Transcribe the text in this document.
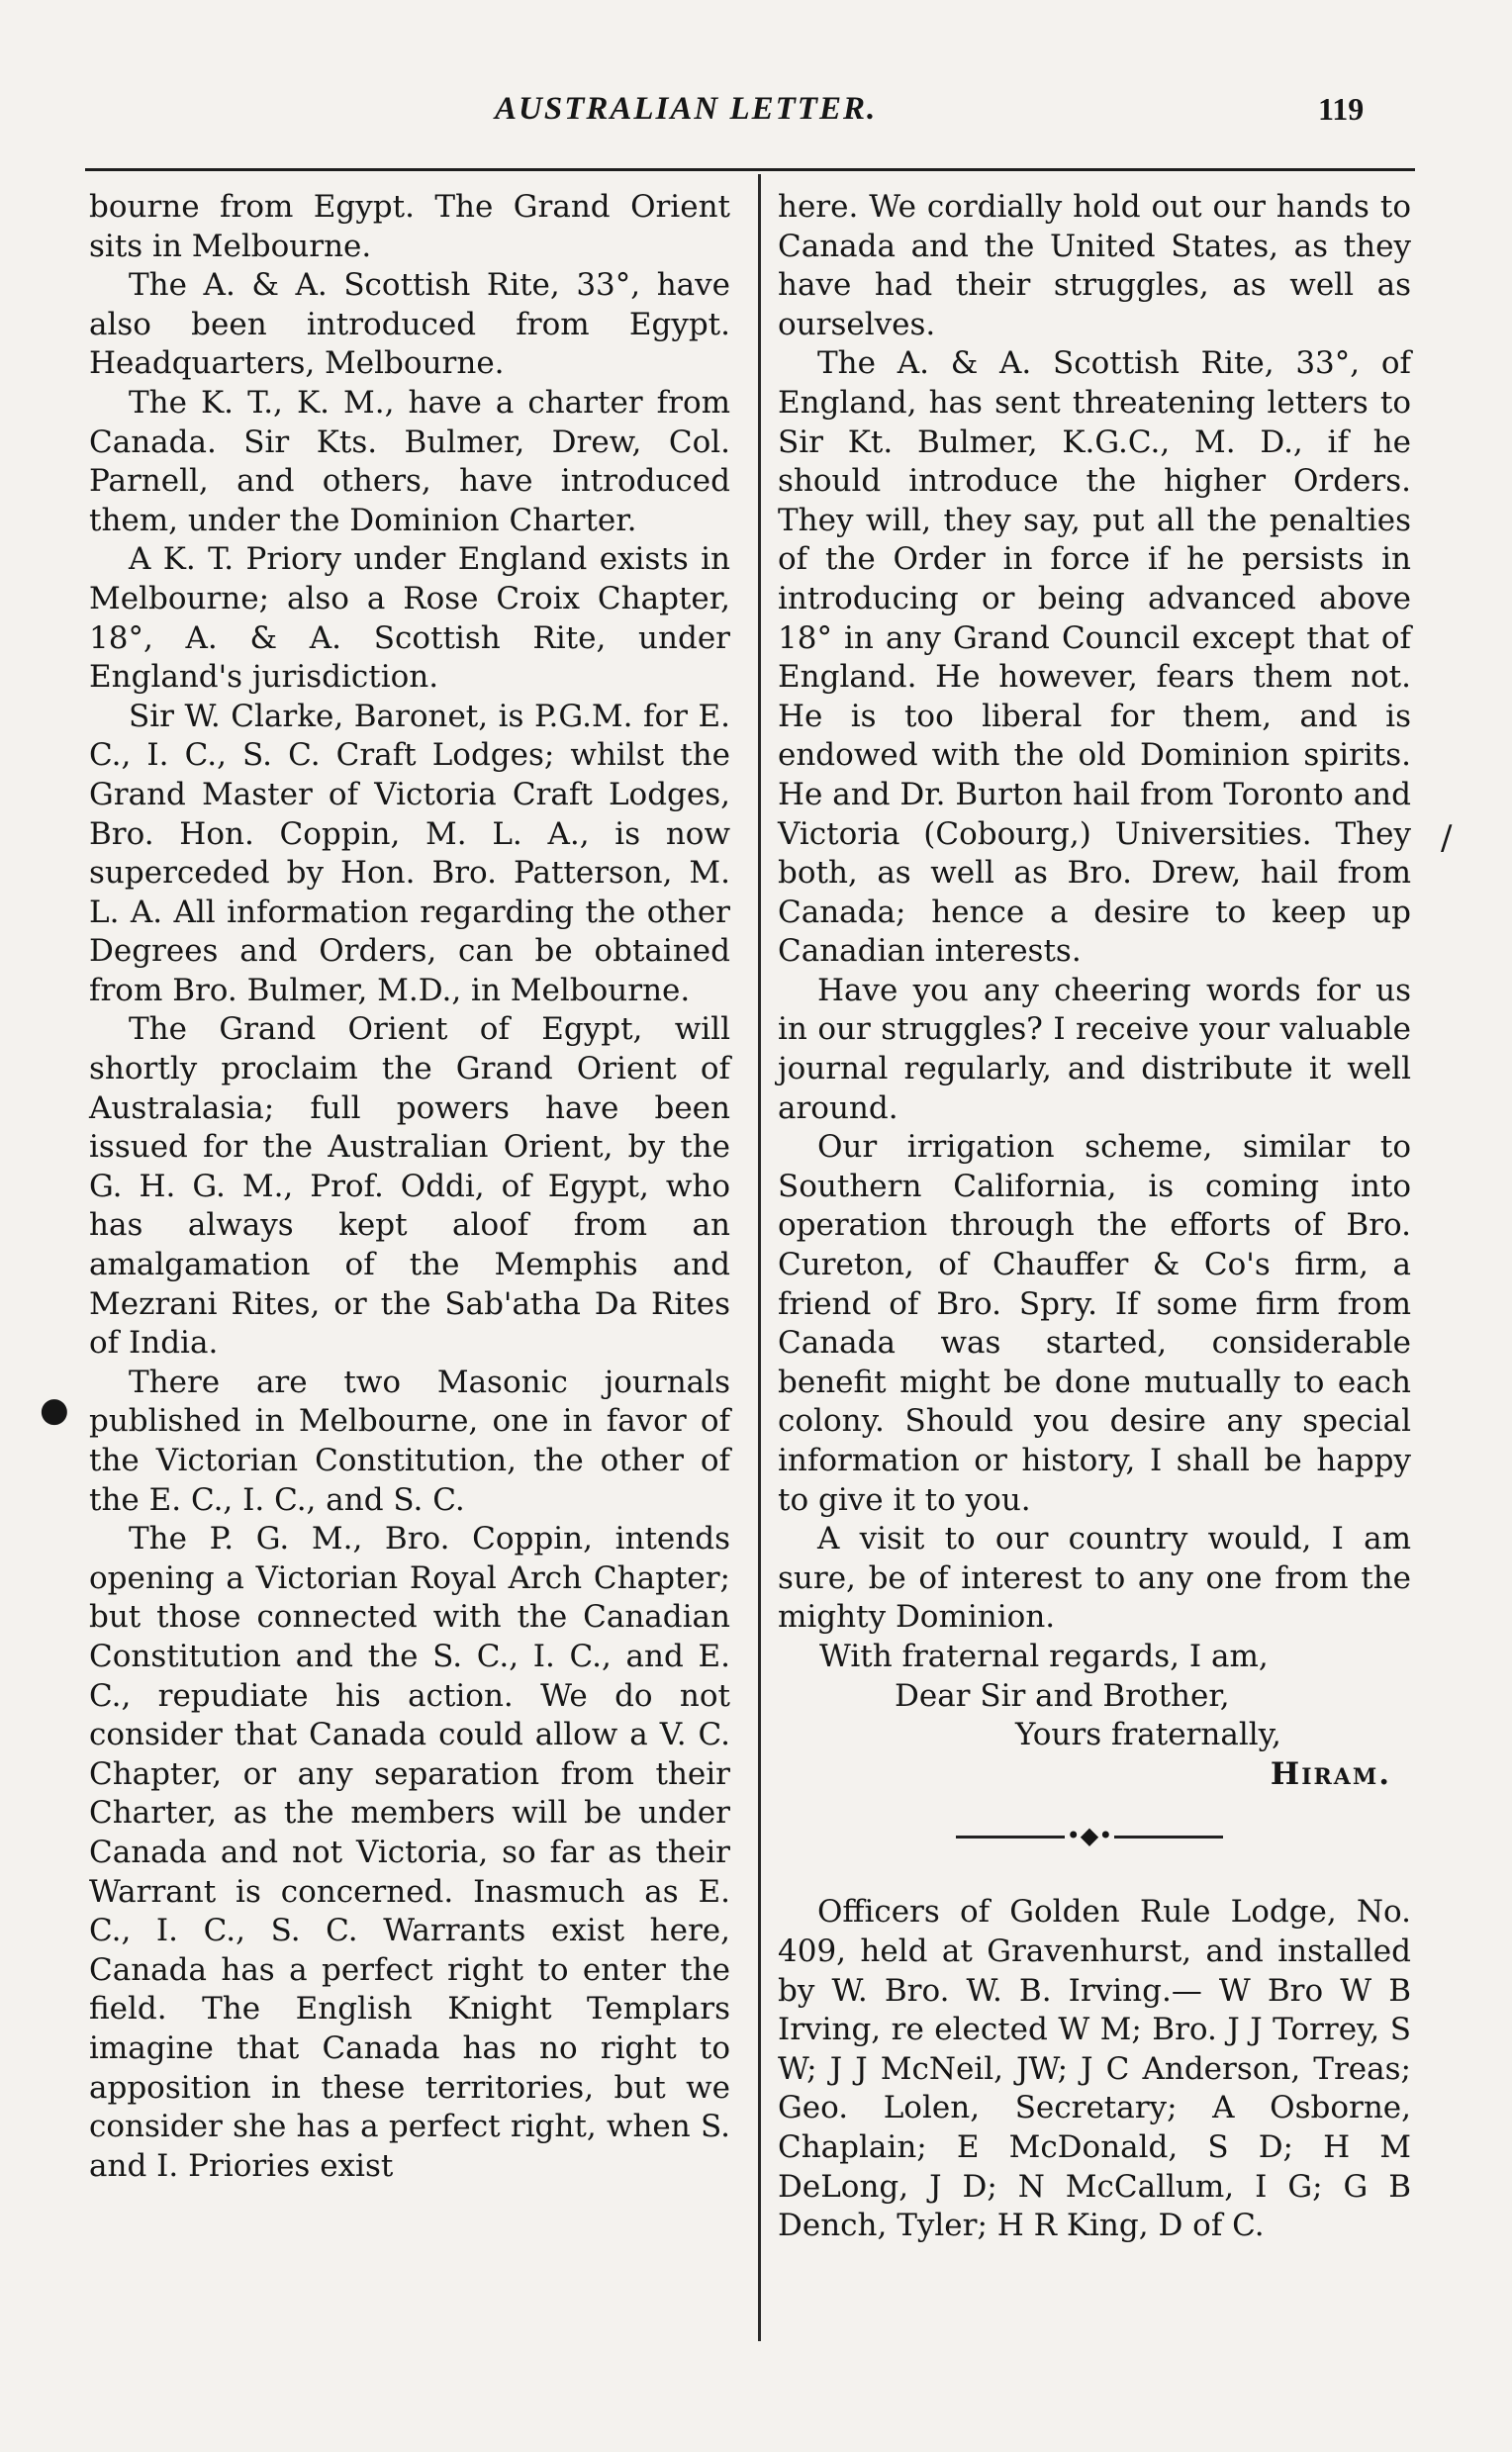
AUSTRALIAN LETTER.	119

bourne from Egypt. The Grand Orient sits in Melbourne.

The A. & A. Scottish Rite, 33°, have also been introduced from Egypt. Headquarters, Melbourne.

The K. T., K. M., have a charter from Canada. Sir Kts. Bulmer, Drew, Col. Parnell, and others, have introduced them, under the Dominion Charter.

A K. T. Priory under England exists in Melbourne; also a Rose Croix Chapter, 18°, A. & A. Scottish Rite, under England's jurisdiction.

Sir W. Clarke, Baronet, is P.G.M. for E. C., I. C., S. C. Craft Lodges; whilst the Grand Master of Victoria Craft Lodges, Bro. Hon. Coppin, M. L. A., is now superceded by Hon. Bro. Patterson, M. L. A. All information regarding the other Degrees and Orders, can be obtained from Bro. Bulmer, M.D., in Melbourne.

The Grand Orient of Egypt, will shortly proclaim the Grand Orient of Australasia; full powers have been issued for the Australian Orient, by the G. H. G. M., Prof. Oddi, of Egypt, who has always kept aloof from an amalgamation of the Memphis and Mezrani Rites, or the Sab'atha Da Rites of India.

There are two Masonic journals published in Melbourne, one in favor of the Victorian Constitution, the other of the E. C., I. C., and S. C.

The P. G. M., Bro. Coppin, intends opening a Victorian Royal Arch Chapter; but those connected with the Canadian Constitution and the S. C., I. C., and E. C., repudiate his action. We do not consider that Canada could allow a V. C. Chapter, or any separation from their Charter, as the members will be under Canada and not Victoria, so far as their Warrant is concerned. Inasmuch as E. C., I. C., S. C. Warrants exist here, Canada has a perfect right to enter the field. The English Knight Templars imagine that Canada has no right to apposition in these territories, but we consider she has a perfect right, when S. and I. Priories exist

here. We cordially hold out our hands to Canada and the United States, as they have had their struggles, as well as ourselves.

The A. & A. Scottish Rite, 33°, of England, has sent threatening letters to Sir Kt. Bulmer, K.G.C., M. D., if he should introduce the higher Orders. They will, they say, put all the penalties of the Order in force if he persists in introducing or being advanced above 18° in any Grand Council except that of England. He however, fears them not. He is too liberal for them, and is endowed with the old Dominion spirits. He and Dr. Burton hail from Toronto and Victoria (Cobourg,) Universities. They both, as well as Bro. Drew, hail from Canada; hence a desire to keep up Canadian interests.

Have you any cheering words for us in our struggles? I receive your valuable journal regularly, and distribute it well around.

Our irrigation scheme, similar to Southern California, is coming into operation through the efforts of Bro. Cureton, of Chauffer & Co's firm, a friend of Bro. Spry. If some firm from Canada was started, considerable benefit might be done mutually to each colony. Should you desire any special information or history, I shall be happy to give it to you.

A visit to our country would, I am sure, be of interest to any one from the mighty Dominion.

With fraternal regards, I am,

Dear Sir and Brother,

Yours fraternally,

Hiram.

•◆•

Officers of Golden Rule Lodge, No. 409, held at Gravenhurst, and installed by W. Bro. W. B. Irving.— W Bro W B Irving, re elected W M; Bro. J J Torrey, S W; J J McNeil, JW; J C Anderson, Treas; Geo. Lolen, Secretary; A Osborne, Chaplain; E McDonald, S D; H M DeLong, J D; N McCallum, I G; G B Dench, Tyler; H R King, D of C.

●
/
